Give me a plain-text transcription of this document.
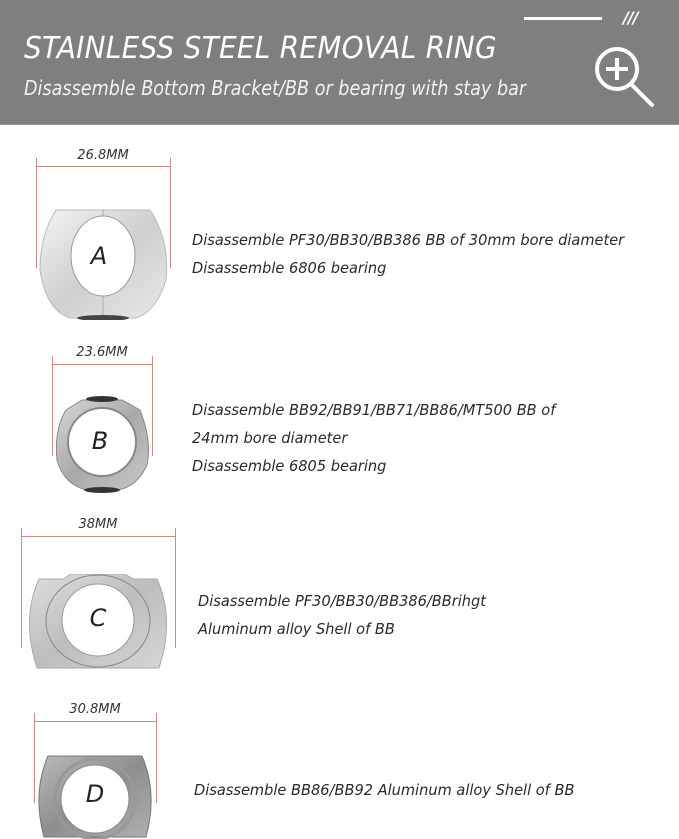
STAINLESS STEEL REMOVAL RING
Disassemble Bottom Bracket/BB or bearing with stay bar
///
26.8MM
A
Disassemble PF30/BB30/BB386 BB of 30mm bore diameter
Disassemble 6806 bearing
23.6MM
B
Disassemble BB92/BB91/BB71/BB86/MT500 BB of
24mm bore diameter
Disassemble 6805 bearing
38MM
C
Disassemble PF30/BB30/BB386/BBrihgt
Aluminum alloy Shell of BB
30.8MM
D	Disassemble BB86/BB92 Aluminum alloy Shell of BB
